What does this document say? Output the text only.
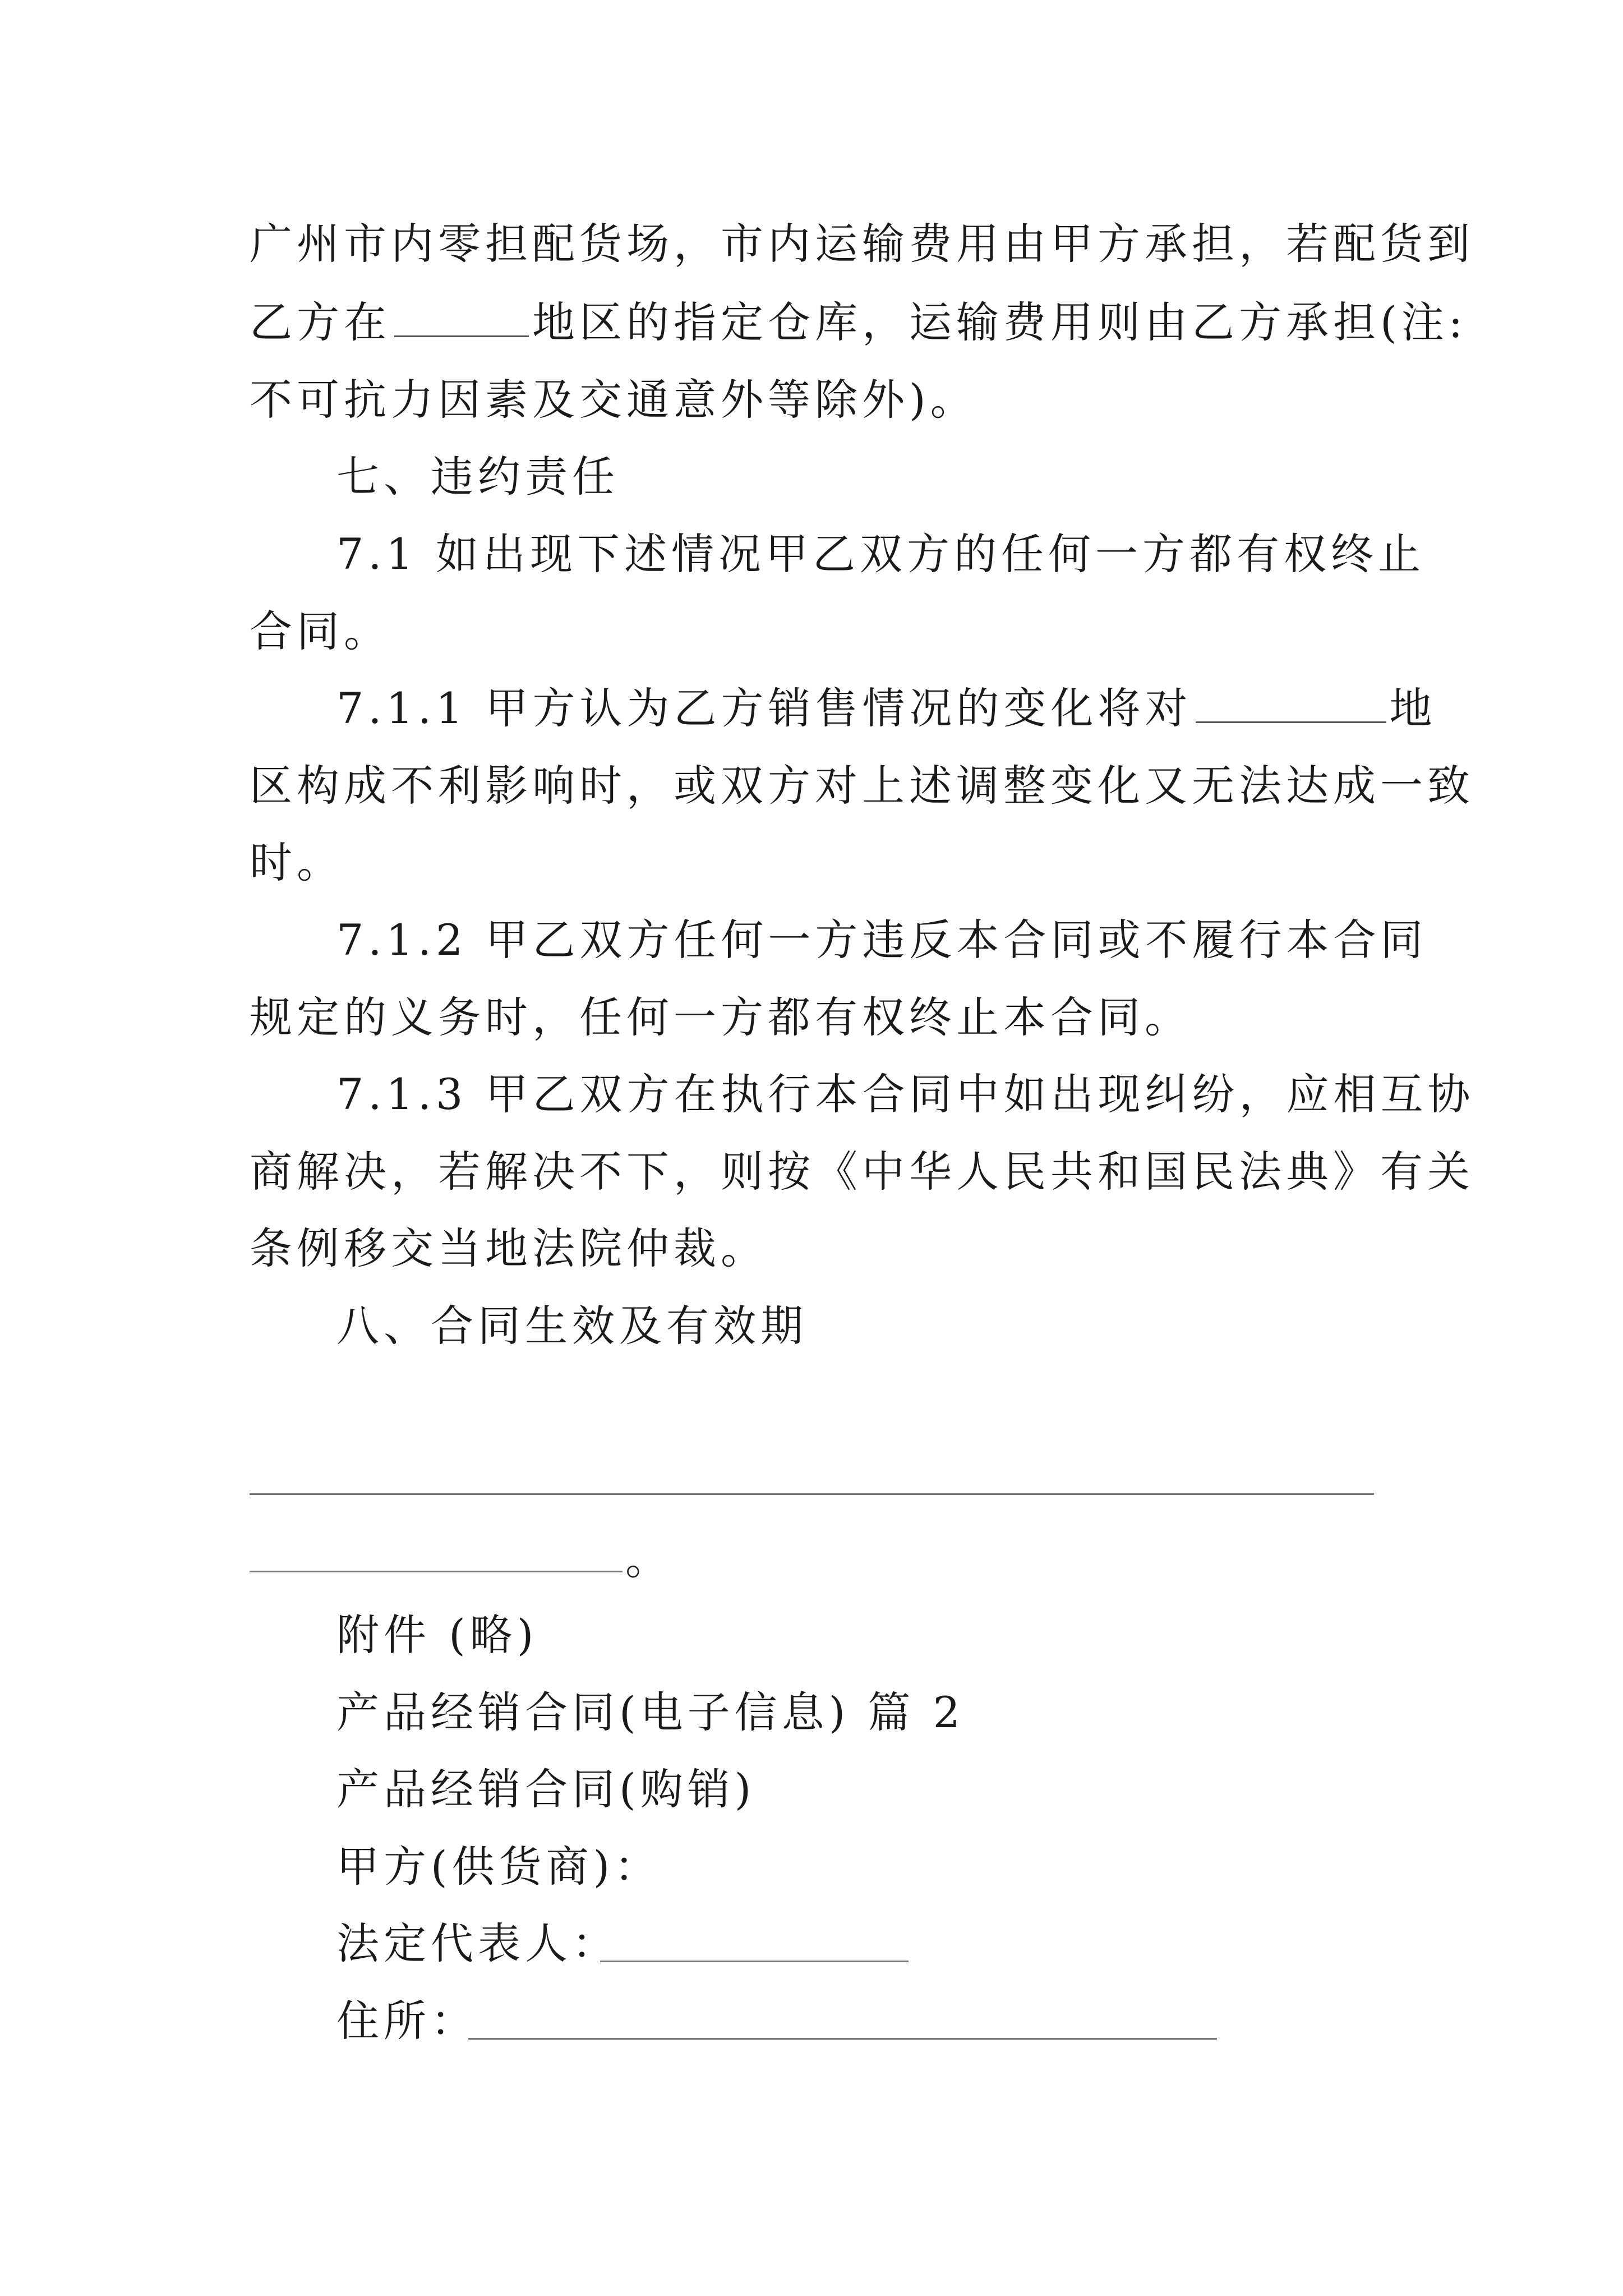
广州市内零担配货场，市内运输费用由甲方承担，若配货到
乙方在	地区的指定仓库，运输费用则由乙方承担(注:
不可抗力因素及交通意外等除外)。
七、违约责任
7.1 如出现下述情况甲乙双方的任何一方都有权终止
合同。
7.1.1 甲方认为乙方销售情况的变化将对	地
区构成不利影响时，或双方对上述调整变化又无法达成一致
时。
7.1.2 甲乙双方任何一方违反本合同或不履行本合同
规定的义务时，任何一方都有权终止本合同。
7.1.3 甲乙双方在执行本合同中如出现纠纷，应相互协
商解决，若解决不下，则按《中华人民共和国民法典》有关
条例移交当地法院仲裁。
八、合同生效及有效期
。
附件 (略)
产品经销合同(电子信息) 篇 2
产品经销合同(购销)
甲方(供货商)：
法定代表人：
住所：
